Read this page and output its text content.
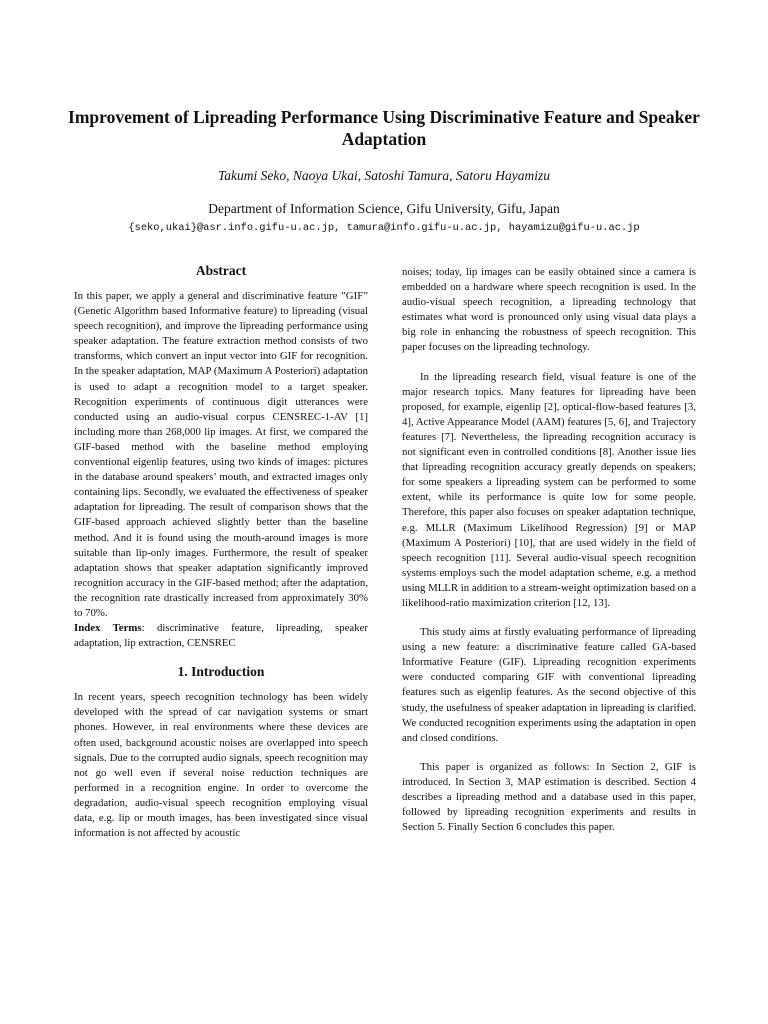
Improvement of Lipreading Performance Using Discriminative Feature and Speaker Adaptation

Takumi Seko, Naoya Ukai, Satoshi Tamura, Satoru Hayamizu

Department of Information Science, Gifu University, Gifu, Japan

{seko,ukai}@asr.info.gifu-u.ac.jp, tamura@info.gifu-u.ac.jp, hayamizu@gifu-u.ac.jp

Abstract

In this paper, we apply a general and discriminative feature ”GIF” (Genetic Algorithm based Informative feature) to lipreading (visual speech recognition), and improve the lipreading performance using speaker adaptation. The feature extraction method consists of two transforms, which convert an input vector into GIF for recognition. In the speaker adaptation, MAP (Maximum A Posteriori) adaptation is used to adapt a recognition model to a target speaker. Recognition experiments of continuous digit utterances were conducted using an audio-visual corpus CENSREC-1-AV [1] including more than 268,000 lip images. At first, we compared the GIF-based method with the baseline method employing conventional eigenlip features, using two kinds of images: pictures in the database around speakers’ mouth, and extracted images only containing lips. Secondly, we evaluated the effectiveness of speaker adaptation for lipreading. The result of comparison shows that the GIF-based approach achieved slightly better than the baseline method. And it is found using the mouth-around images is more suitable than lip-only images. Furthermore, the result of speaker adaptation shows that speaker adaptation significantly improved recognition accuracy in the GIF-based method; after the adaptation, the recognition rate drastically increased from approximately 30% to 70%.

Index Terms: discriminative feature, lipreading, speaker adaptation, lip extraction, CENSREC

1. Introduction

In recent years, speech recognition technology has been widely developed with the spread of car navigation systems or smart phones. However, in real environments where these devices are often used, background acoustic noises are overlapped into speech signals. Due to the corrupted audio signals, speech recognition may not go well even if several noise reduction techniques are performed in a recognition engine. In order to overcome the degradation, audio-visual speech recognition employing visual data, e.g. lip or mouth images, has been investigated since visual information is not affected by acoustic

noises; today, lip images can be easily obtained since a camera is embedded on a hardware where speech recognition is used. In the audio-visual speech recognition, a lipreading technology that estimates what word is pronounced only using visual data plays a big role in enhancing the robustness of speech recognition. This paper focuses on the lipreading technology.

In the lipreading research field, visual feature is one of the major research topics. Many features for lipreading have been proposed, for example, eigenlip [2], optical-flow-based features [3, 4], Active Appearance Model (AAM) features [5, 6], and Trajectory features [7]. Nevertheless, the lipreading recognition accuracy is not significant even in controlled conditions [8]. Another issue lies that lipreading recognition accuracy greatly depends on speakers; for some speakers a lipreading system can be performed to some extent, while its performance is quite low for some people. Therefore, this paper also focuses on speaker adaptation technique, e.g. MLLR (Maximum Likelihood Regression) [9] or MAP (Maximum A Posteriori) [10], that are used widely in the field of speech recognition [11]. Several audio-visual speech recognition systems employs such the model adaptation scheme, e.g. a method using MLLR in addition to a stream-weight optimization based on a likelihood-ratio maximization criterion [12, 13].

This study aims at firstly evaluating performance of lipreading using a new feature: a discriminative feature called GA-based Informative Feature (GIF). Lipreading recognition experiments were conducted comparing GIF with conventional lipreading features such as eigenlip features. As the second objective of this study, the usefulness of speaker adaptation in lipreading is clarified. We conducted recognition experiments using the adaptation in open and closed conditions.

This paper is organized as follows: In Section 2, GIF is introduced. In Section 3, MAP estimation is described. Section 4 describes a lipreading method and a database used in this paper, followed by lipreading recognition experiments and results in Section 5. Finally Section 6 concludes this paper.
